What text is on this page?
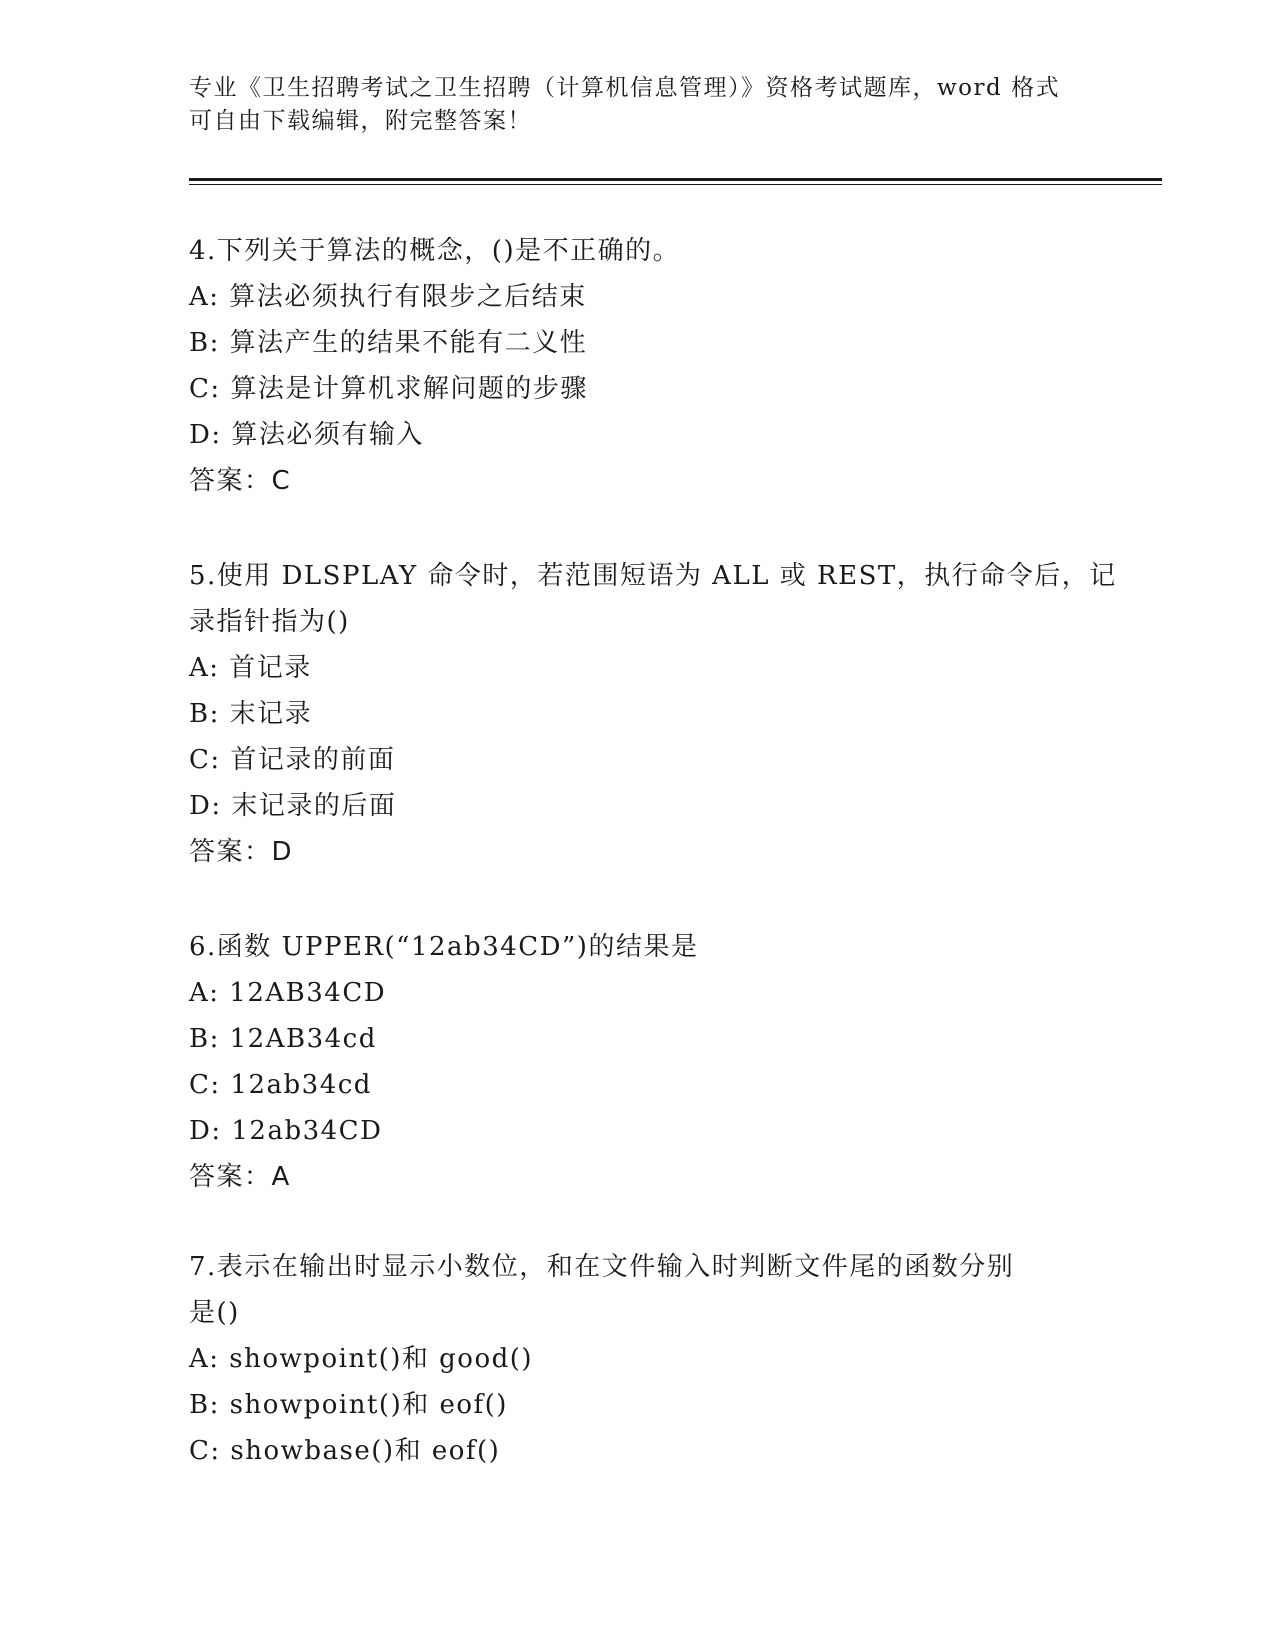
专业《卫生招聘考试之卫生招聘（计算机信息管理）》资格考试题库，word 格式
可自由下载编辑，附完整答案！
4.下列关于算法的概念，()是不正确的。
A: 算法必须执行有限步之后结束
B: 算法产生的结果不能有二义性
C: 算法是计算机求解问题的步骤
D: 算法必须有输入
答案：C
5.使用 DLSPLAY 命令时，若范围短语为 ALL 或 REST，执行命令后，记
录指针指为()
A: 首记录
B: 末记录
C: 首记录的前面
D: 末记录的后面
答案：D
6.函数 UPPER(“12ab34CD”)的结果是
A: 12AB34CD
B: 12AB34cd
C: 12ab34cd
D: 12ab34CD
答案：A
7.表示在输出时显示小数位，和在文件输入时判断文件尾的函数分别
是()
A: showpoint()和 good()
B: showpoint()和 eof()
C: showbase()和 eof()
